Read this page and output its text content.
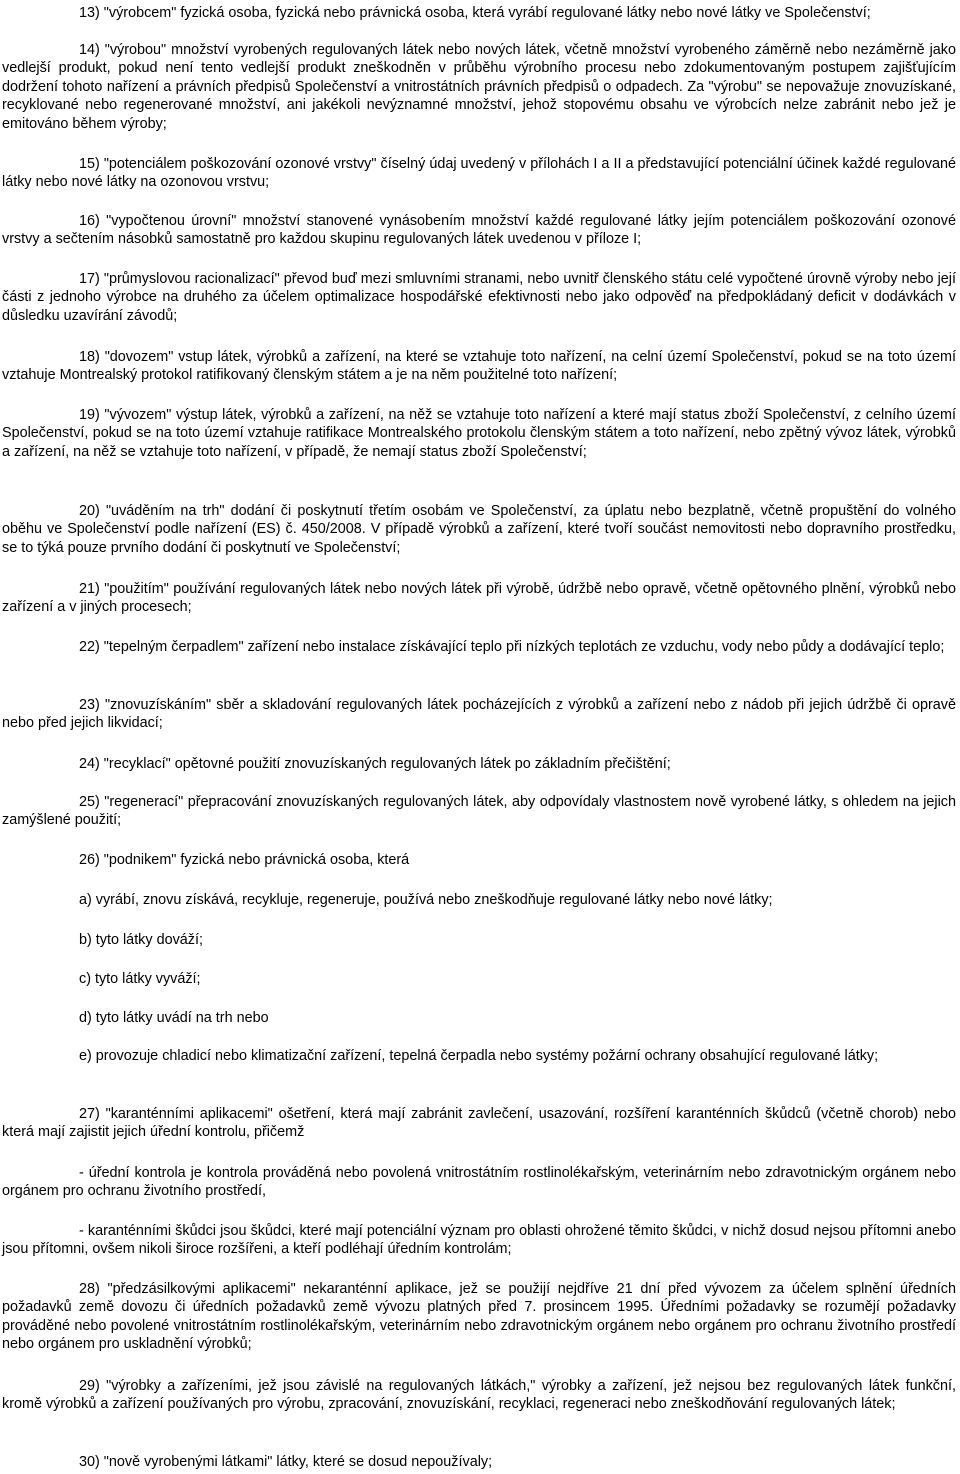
13) "výrobcem" fyzická osoba, fyzická nebo právnická osoba, která vyrábí regulované látky nebo nové látky ve Společenství;

14) "výrobou" množství vyrobených regulovaných látek nebo nových látek, včetně množství vyrobeného záměrně nebo nezáměrně jako vedlejší produkt, pokud není tento vedlejší produkt zneškodněn v průběhu výrobního procesu nebo zdokumentovaným postupem zajišťujícím dodržení tohoto nařízení a právních předpisů Společenství a vnitrostátních právních předpisů o odpadech. Za "výrobu" se nepovažuje znovuzískané, recyklované nebo regenerované množství, ani jakékoli nevýznamné množství, jehož stopovému obsahu ve výrobcích nelze zabránit nebo jež je emitováno během výroby;

15) "potenciálem poškozování ozonové vrstvy" číselný údaj uvedený v přílohách I a II a představující potenciální účinek každé regulované látky nebo nové látky na ozonovou vrstvu;

16) "vypočtenou úrovní" množství stanovené vynásobením množství každé regulované látky jejím potenciálem poškozování ozonové vrstvy a sečtením násobků samostatně pro každou skupinu regulovaných látek uvedenou v příloze I;

17) "průmyslovou racionalizací" převod buď mezi smluvními stranami, nebo uvnitř členského státu celé vypočtené úrovně výroby nebo její části z jednoho výrobce na druhého za účelem optimalizace hospodářské efektivnosti nebo jako odpověď na předpokládaný deficit v dodávkách v důsledku uzavírání závodů;

18) "dovozem" vstup látek, výrobků a zařízení, na které se vztahuje toto nařízení, na celní území Společenství, pokud se na toto území vztahuje Montrealský protokol ratifikovaný členským státem a je na něm použitelné toto nařízení;

19) "vývozem" výstup látek, výrobků a zařízení, na něž se vztahuje toto nařízení a které mají status zboží Společenství, z celního území Společenství, pokud se na toto území vztahuje ratifikace Montrealského protokolu členským státem a toto nařízení, nebo zpětný vývoz látek, výrobků a zařízení, na něž se vztahuje toto nařízení, v případě, že nemají status zboží Společenství;

20) "uváděním na trh" dodání či poskytnutí třetím osobám ve Společenství, za úplatu nebo bezplatně, včetně propuštění do volného oběhu ve Společenství podle nařízení (ES) č. 450/2008. V případě výrobků a zařízení, které tvoří součást nemovitosti nebo dopravního prostředku, se to týká pouze prvního dodání či poskytnutí ve Společenství;

21) "použitím" používání regulovaných látek nebo nových látek při výrobě, údržbě nebo opravě, včetně opětovného plnění, výrobků nebo zařízení a v jiných procesech;

22) "tepelným čerpadlem" zařízení nebo instalace získávající teplo při nízkých teplotách ze vzduchu, vody nebo půdy a dodávající teplo;

23) "znovuzískáním" sběr a skladování regulovaných látek pocházejících z výrobků a zařízení nebo z nádob při jejich údržbě či opravě nebo před jejich likvidací;

24) "recyklací" opětovné použití znovuzískaných regulovaných látek po základním přečištění;

25) "regenerací" přepracování znovuzískaných regulovaných látek, aby odpovídaly vlastnostem nově vyrobené látky, s ohledem na jejich zamýšlené použití;

26) "podnikem" fyzická nebo právnická osoba, která

a) vyrábí, znovu získává, recykluje, regeneruje, používá nebo zneškodňuje regulované látky nebo nové látky;

b) tyto látky dováží;

c) tyto látky vyváží;

d) tyto látky uvádí na trh nebo

e) provozuje chladicí nebo klimatizační zařízení, tepelná čerpadla nebo systémy požární ochrany obsahující regulované látky;

27) "karanténními aplikacemi" ošetření, která mají zabránit zavlečení, usazování, rozšíření karanténních škůdců (včetně chorob) nebo která mají zajistit jejich úřední kontrolu, přičemž

- úřední kontrola je kontrola prováděná nebo povolená vnitrostátním rostlinolékařským, veterinárním nebo zdravotnickým orgánem nebo orgánem pro ochranu životního prostředí,

- karanténními škůdci jsou škůdci, které mají potenciální význam pro oblasti ohrožené těmito škůdci, v nichž dosud nejsou přítomni anebo jsou přítomni, ovšem nikoli široce rozšířeni, a kteří podléhají úředním kontrolám;

28) "předzásilkovými aplikacemi" nekaranténní aplikace, jež se použijí nejdříve 21 dní před vývozem za účelem splnění úředních požadavků země dovozu či úředních požadavků země vývozu platných před 7. prosincem 1995. Úředními požadavky se rozumějí požadavky prováděné nebo povolené vnitrostátním rostlinolékařským, veterinárním nebo zdravotnickým orgánem nebo orgánem pro ochranu životního prostředí nebo orgánem pro uskladnění výrobků;

29) "výrobky a zařízeními, jež jsou závislé na regulovaných látkách," výrobky a zařízení, jež nejsou bez regulovaných látek funkční, kromě výrobků a zařízení používaných pro výrobu, zpracování, znovuzískání, recyklaci, regeneraci nebo zneškodňování regulovaných látek;

30) "nově vyrobenými látkami" látky, které se dosud nepoužívaly;
